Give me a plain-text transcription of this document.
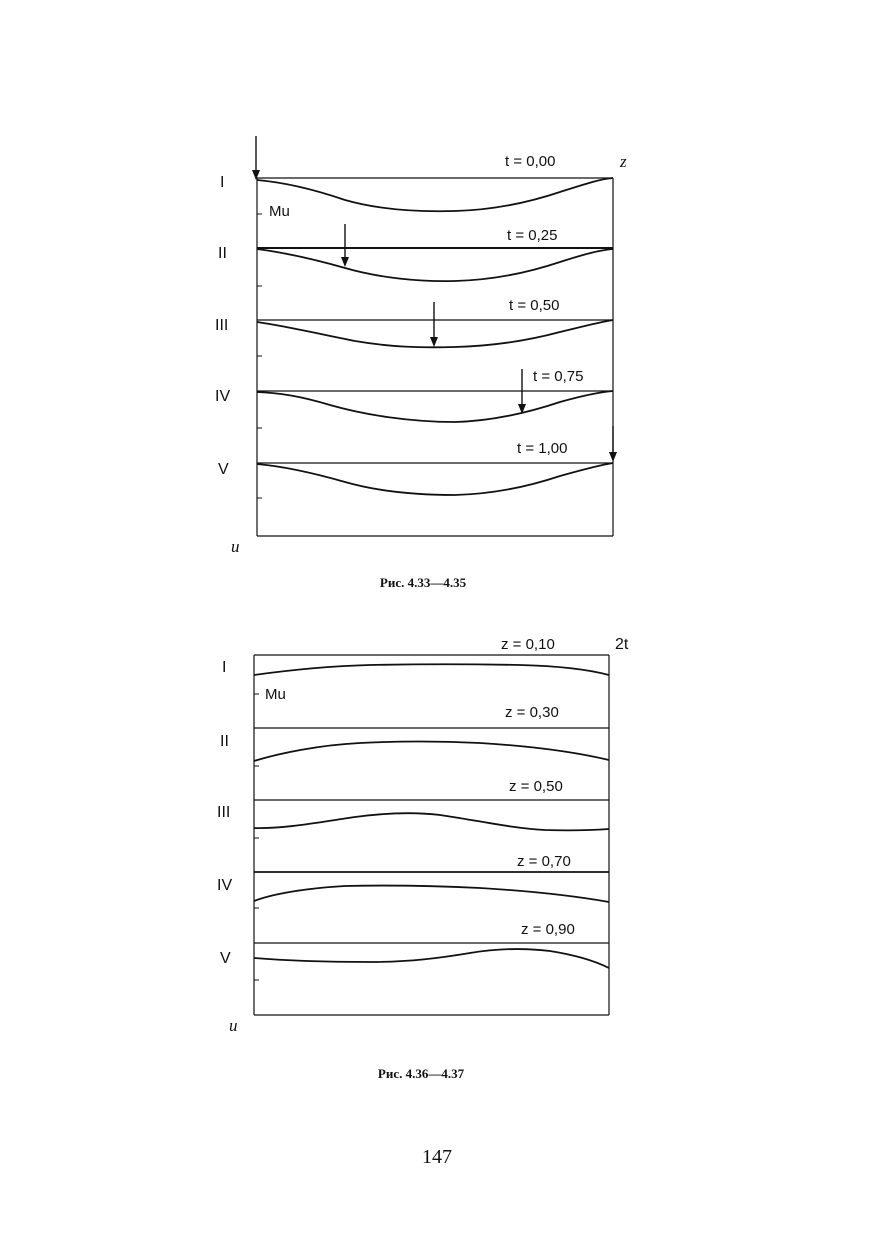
I
II
III
IV
V
t = 0,00
t = 0,25
t = 0,50
t = 0,75
t = 1,00
Mu
z
u
Рис. 4.33—4.35
I
II
III
IV
V
z = 0,10
z = 0,30
z = 0,50
z = 0,70
z = 0,90
Mu
2t
u
Рис. 4.36—4.37
147
